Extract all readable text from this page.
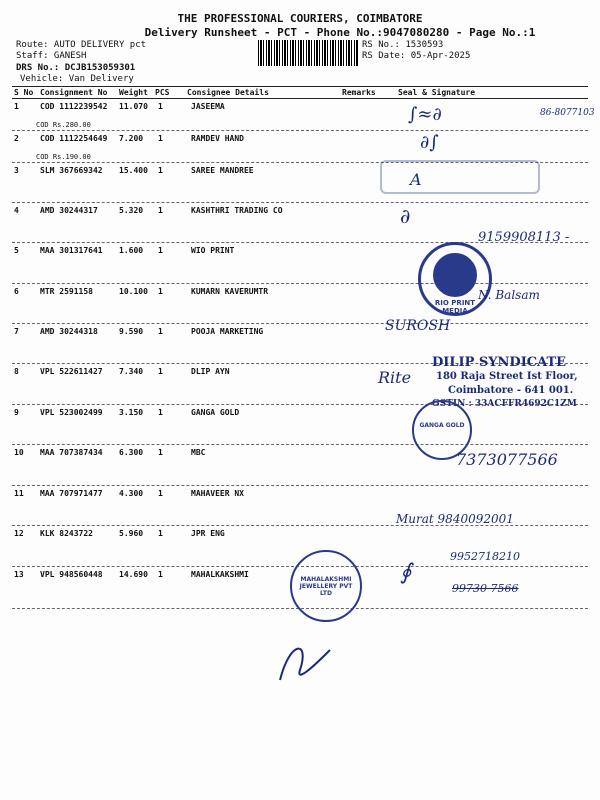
THE PROFESSIONAL COURIERS, COIMBATORE
Delivery Runsheet - PCT - Phone No.:9047080280 - Page No.:1
Route: AUTO DELIVERY pct
Staff: GANESH
DRS No.: DCJB153059301
Vehicle: Van Delivery
RS No.: 1530593
RS Date: 05-Apr-2025
S No Consignment No Weight PCS Consignee Details	Remarks	Seal & Signature
1	COD 1112239542 11.070 1	JASEEMA
COD Rs.280.00
2	COD 1112254649 7.200 1	RAMDEV HAND
COD Rs.190.00
3	SLM 367669342 15.400 1	SAREE MANDREE
4	AMD 30244317	5.320 1	KASHTHRI TRADING CO
5	MAA 301317641 1.600 1	WIO PRINT
6	MTR 2591158	10.100 1	KUMARN KAVERUMTR
7	AMD 30244318	9.590 1	POOJA MARKETING
8	VPL 522611427 7.340 1	DLIP AYN
9	VPL 523002499 3.150 1	GANGA GOLD
10 MAA 707387434 6.300 1	MBC
11 MAA 707971477 4.300 1	MAHAVEER NX
12 KLK 8243722	5.960 1	JPR ENG
13 VPL 948560448 14.690 1	MAHALKAKSHMI
∫≈∂	86-8077103
∂∫
A
9159908113 -
∂
RIO PRINT MEDIA
N. Balsam
SUROSH
DILIP SYNDICATE
180 Raja Street Ist Floor,
Coimbatore - 641 001.
GSTIN : 33ACFFR4692C1ZM
Rite
GANGA GOLD
7373077566
Murat 9840092001
9952718210
∮
99730 7566
MAHALAKSHMI JEWELLERY PVT LTD
